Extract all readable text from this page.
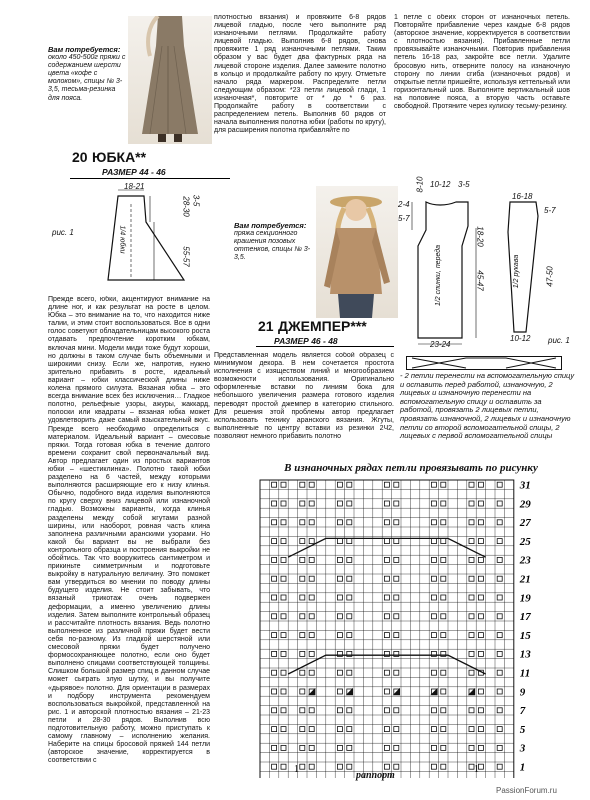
Вам потребуется:

около 450-500г пряжи с содержанием шерсти цвета «кофе с молоком», спицы № 3-3,5, тесьма-резинка для пояса.

20 ЮБКА**
РАЗМЕР 44 - 46
18-21
28-30 3-5
55-57
1/4 юбки
рис. 1

Прежде всего, юбки, акцентируют внимание на длине ног, и как результат на росте в целом. Юбка – это внимание на то, что находится ниже талии, и этим стоит воспользоваться. Все в одни голос советуют обладательницам высокого роста отдавать предпочтение коротким юбкам, включая мини. Модели миди тоже будут хороши, но должны в таком случае быть объемными и широкими снизу. Если же, напротив, нужно зрительно прибавить в росте, идеальный вариант – юбки классической длины ниже колена прямого силуэта. Вязаная юбка – это всегда внимание всех без исключения… Гладкое полотно, рельефные узоры, ажуры, жаккард, полоски или квадраты – вязаная юбка может удовлетворить даже самый взыскательный вкус. Прежде всего необходимо определиться с материалом. Идеальный вариант – смесовые пряжи. Тогда готовая юбка в течение долгого времени сохранит свой первоначальный вид. Автор предлагает один из простых вариантов юбки – «шестиклинка». Полотно такой юбки разделено на 6 частей, между которыми выполняются расширяющие его к низу клинья. Обычно, подобного вида изделия выполняются по кругу сверху вниз лицевой или изнаночной гладью. Возможны варианты, когда клинья разделены между собой жгутами разной ширины, или наоборот, ровная часть клина заполнена различными аранскими узорами. Но какой бы вариант вы не выбрали без контрольного образца и построения выкройки не обойтись. Так что вооружитесь сантиметром и прикиньте симметричным и подготовьте выкройку в натуральную величину. Это поможет вам утвердиться во мнении по поводу длины будущего изделия. Не стоит забывать, что вязаный трикотаж очень подвержен деформации, а именно увеличению длины изделия. Затем выполните контрольный образец и рассчитайте плотность вязания. Ведь полотно выполненное из различной пряжи будет вести себя по-разному. Из гладкой шерстяной или смесовой пряжи будет получено формосохраняющее полотно, если оно будет выполнено спицами соответствующей толщины. Слишком большой размер спиц в данном случае может сыграть злую шутку, и вы получите «дырявое» полотно. Для ориентации в размерах и подбору инструмента рекомендуем воспользоваться выкройкой, представленной на рис. 1 и авторской плотностью вязания – 21-23 петли и 28-30 рядов. Выполнив всю подготовительную работу, можно приступать к самому главному – исполнению желания. Наберите на спицы бросовой пряжей 144 петли (авторское значение, корректируется в соответствии с

плотностью вязания) и провяжите 6-8 рядов лицевой гладью, после чего выполните ряд изнаночными петлями. Продолжайте работу лицевой гладью. Выполнив 6-8 рядов, снова провяжите 1 ряд изнаночными петлями. Таким образом у вас будет два фактурных ряда на лицевой стороне изделия. Далее замкните полотно в кольцо и продолжайте работу по кругу. Отметьте начало ряда маркером. Распределите петли следующим образом: *23 петли лицевой глади, 1 изнаночная*, повторите от * до * 6 раз. Продолжайте работу в соответствии с распределением петель. Выполнив 60 рядов от начала выполнения полотна юбки (работы по кругу), для расширения полотна прибавляйте по

1 петле с обеих сторон от изнаночных петель. Повторяйте прибавление через каждые 6-8 рядов (авторское значение, корректируется в соответствии с плотностью вязания). Прибавленные петли провязывайте изнаночными. Повторив прибавления петель 16-18 раз, закройте все петли. Удалите бросовую нить, отверните полосу на изнаночную сторону по линии сгиба (изнаночных рядов) и открытые петли пришейте, используя кеттельный или горизонтальный шов. Выполните вертикальный шов на половине пояса, а вторую часть оставьте свободной. Протяните через кулиску тесьму-резинку.

Вам потребуется:

пряжа секционного крашения позовых оттенков, спицы № 3-3,5.

21 ДЖЕМПЕР***
РАЗМЕР 46 - 48

Представленная модель является собой образец с минимумом декора. В нем сочетается простота исполнения с изяществом линий и многообразием возможности использования. Оригинально оформленные вставки по линиям бока для небольшого увеличения размера готового изделия переводят простой джемпер в категорию стильного. Для решения этой проблемы автор предлагает использовать технику аранского вязания. Жгуты, выполненные по центру вставки из резинки 2Ч2, позволяют немного прибавить полотно

8-10 10-12 3-5
2-4
5-7
18-20
45-47
1/2 спинки, переда
23-24
16-18
5-7
47-50
1/2 рукава
10-12 рис. 1

- 2 петли перенести на вспомогательную спицу и оставить перед работой, изнаночную, 2 лицевых и изнаночную перенести на вспомогательную спицу и оставить за работой, провязать 2 лицевых петли, провязать изнаночной, 2 лицевых и изнаночную петли со второй вспомогательной спицы, 2 лицевых с первой вспомогательной спицы

В изнаночных рядах петли провязывать по рисунку
31
29
27
25
23
21
19
17
15
13
11
9
7
5
3
1
раппорт
1	1
PassionForum.ru
